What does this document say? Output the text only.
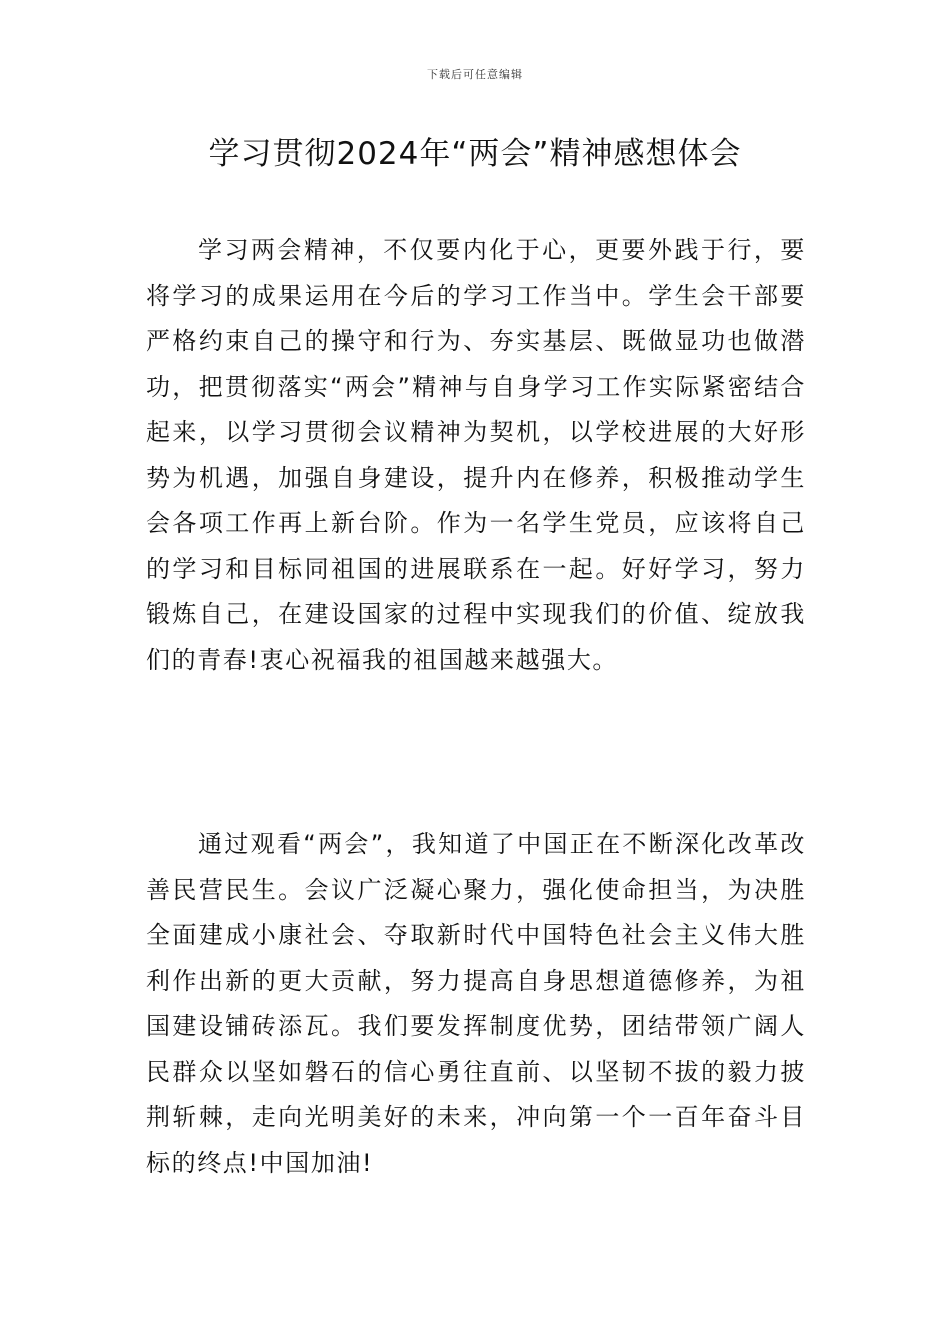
下载后可任意编辑
学习贯彻2024年“两会”精神感想体会

学习两会精神，不仅要内化于心，更要外践于行，要将学习的成果运用在今后的学习工作当中。学生会干部要严格约束自己的操守和行为、夯实基层、既做显功也做潜功，把贯彻落实“两会”精神与自身学习工作实际紧密结合起来，以学习贯彻会议精神为契机，以学校进展的大好形势为机遇，加强自身建设，提升内在修养，积极推动学生会各项工作再上新台阶。作为一名学生党员，应该将自己的学习和目标同祖国的进展联系在一起。好好学习，努力锻炼自己，在建设国家的过程中实现我们的价值、绽放我们的青春!衷心祝福我的祖国越来越强大。

通过观看“两会”，我知道了中国正在不断深化改革改善民营民生。会议广泛凝心聚力，强化使命担当，为决胜全面建成小康社会、夺取新时代中国特色社会主义伟大胜利作出新的更大贡献，努力提高自身思想道德修养，为祖国建设铺砖添瓦。我们要发挥制度优势，团结带领广阔人民群众以坚如磐石的信心勇往直前、以坚韧不拔的毅力披荆斩棘，走向光明美好的未来，冲向第一个一百年奋斗目标的终点!中国加油!
